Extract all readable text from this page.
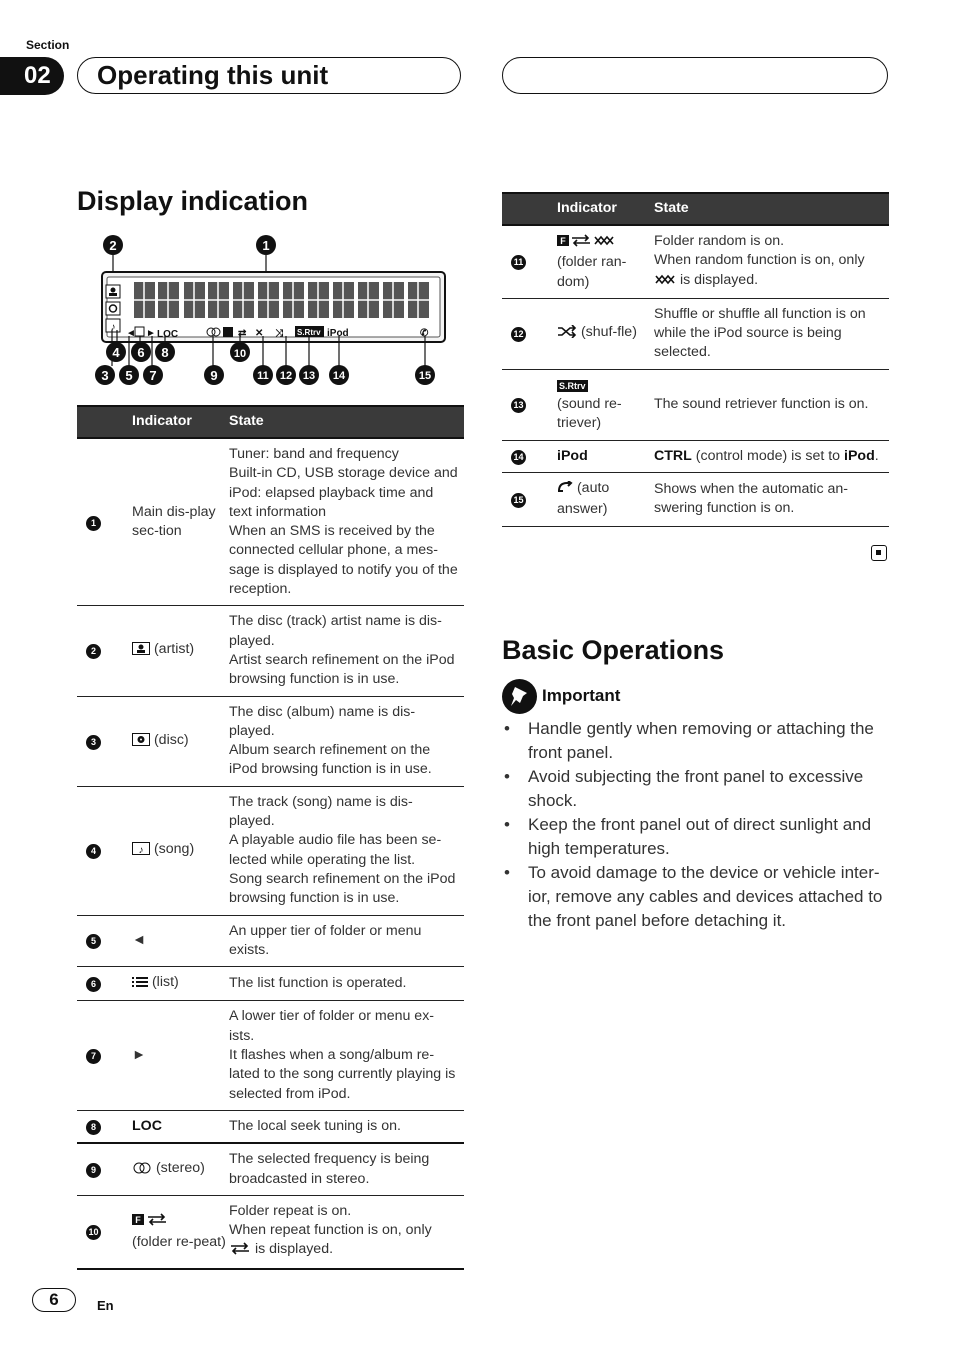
Section
02	Operating this unit
Display indication
2	1
♪
◄ ► LOC	⇄ ✕ ⤨ S.Rtrv iPod	✆
4 6 8	10
3 5 7	9	11 12 13 14	15
	Indicator	State
1	Main dis-play sec-tion	Tuner: band and frequency
Built-in CD, USB storage device and iPod: elapsed playback time and text information
When an SMS is received by the connected cellular phone, a mes-sage is displayed to notify you of the reception.
2	(artist)	The disc (track) artist name is dis-played.
Artist search refinement on the iPod browsing function is in use.
3	(disc)	The disc (album) name is dis-played.
Album search refinement on the iPod browsing function is in use.
4	♪ (song)	The track (song) name is dis-played.
A playable audio file has been se-lected while operating the list.
Song search refinement on the iPod browsing function is in use.
5	◄	An upper tier of folder or menu exists.
6	(list)	The list function is operated.
7	►	A lower tier of folder or menu ex-ists.
It flashes when a song/album re-lated to the song currently playing is selected from iPod.
8	LOC	The local seek tuning is on.
9	(stereo)	The selected frequency is being broadcasted in stereo.
10	F

(folder re-peat)	Folder repeat is on.
When repeat function is on, only
is displayed.
	Indicator	State
11	F

(folder ran-dom)	Folder random is on.
When random function is on, only
is displayed.
12	(shuf-fle)	Shuffle or shuffle all function is on while the iPod source is being selected.
13	S.Rtrv
(sound re-triever)	The sound retriever function is on.
14	iPod	CTRL (control mode) is set to iPod.
15	(auto answer)	Shows when the automatic an-swering function is on.
Basic Operations
Important
• Handle gently when removing or attaching the front panel.
• Avoid subjecting the front panel to excessive shock.
• Keep the front panel out of direct sunlight and high temperatures.
• To avoid damage to the device or vehicle inter-ior, remove any cables and devices attached to the front panel before detaching it.
6	En
